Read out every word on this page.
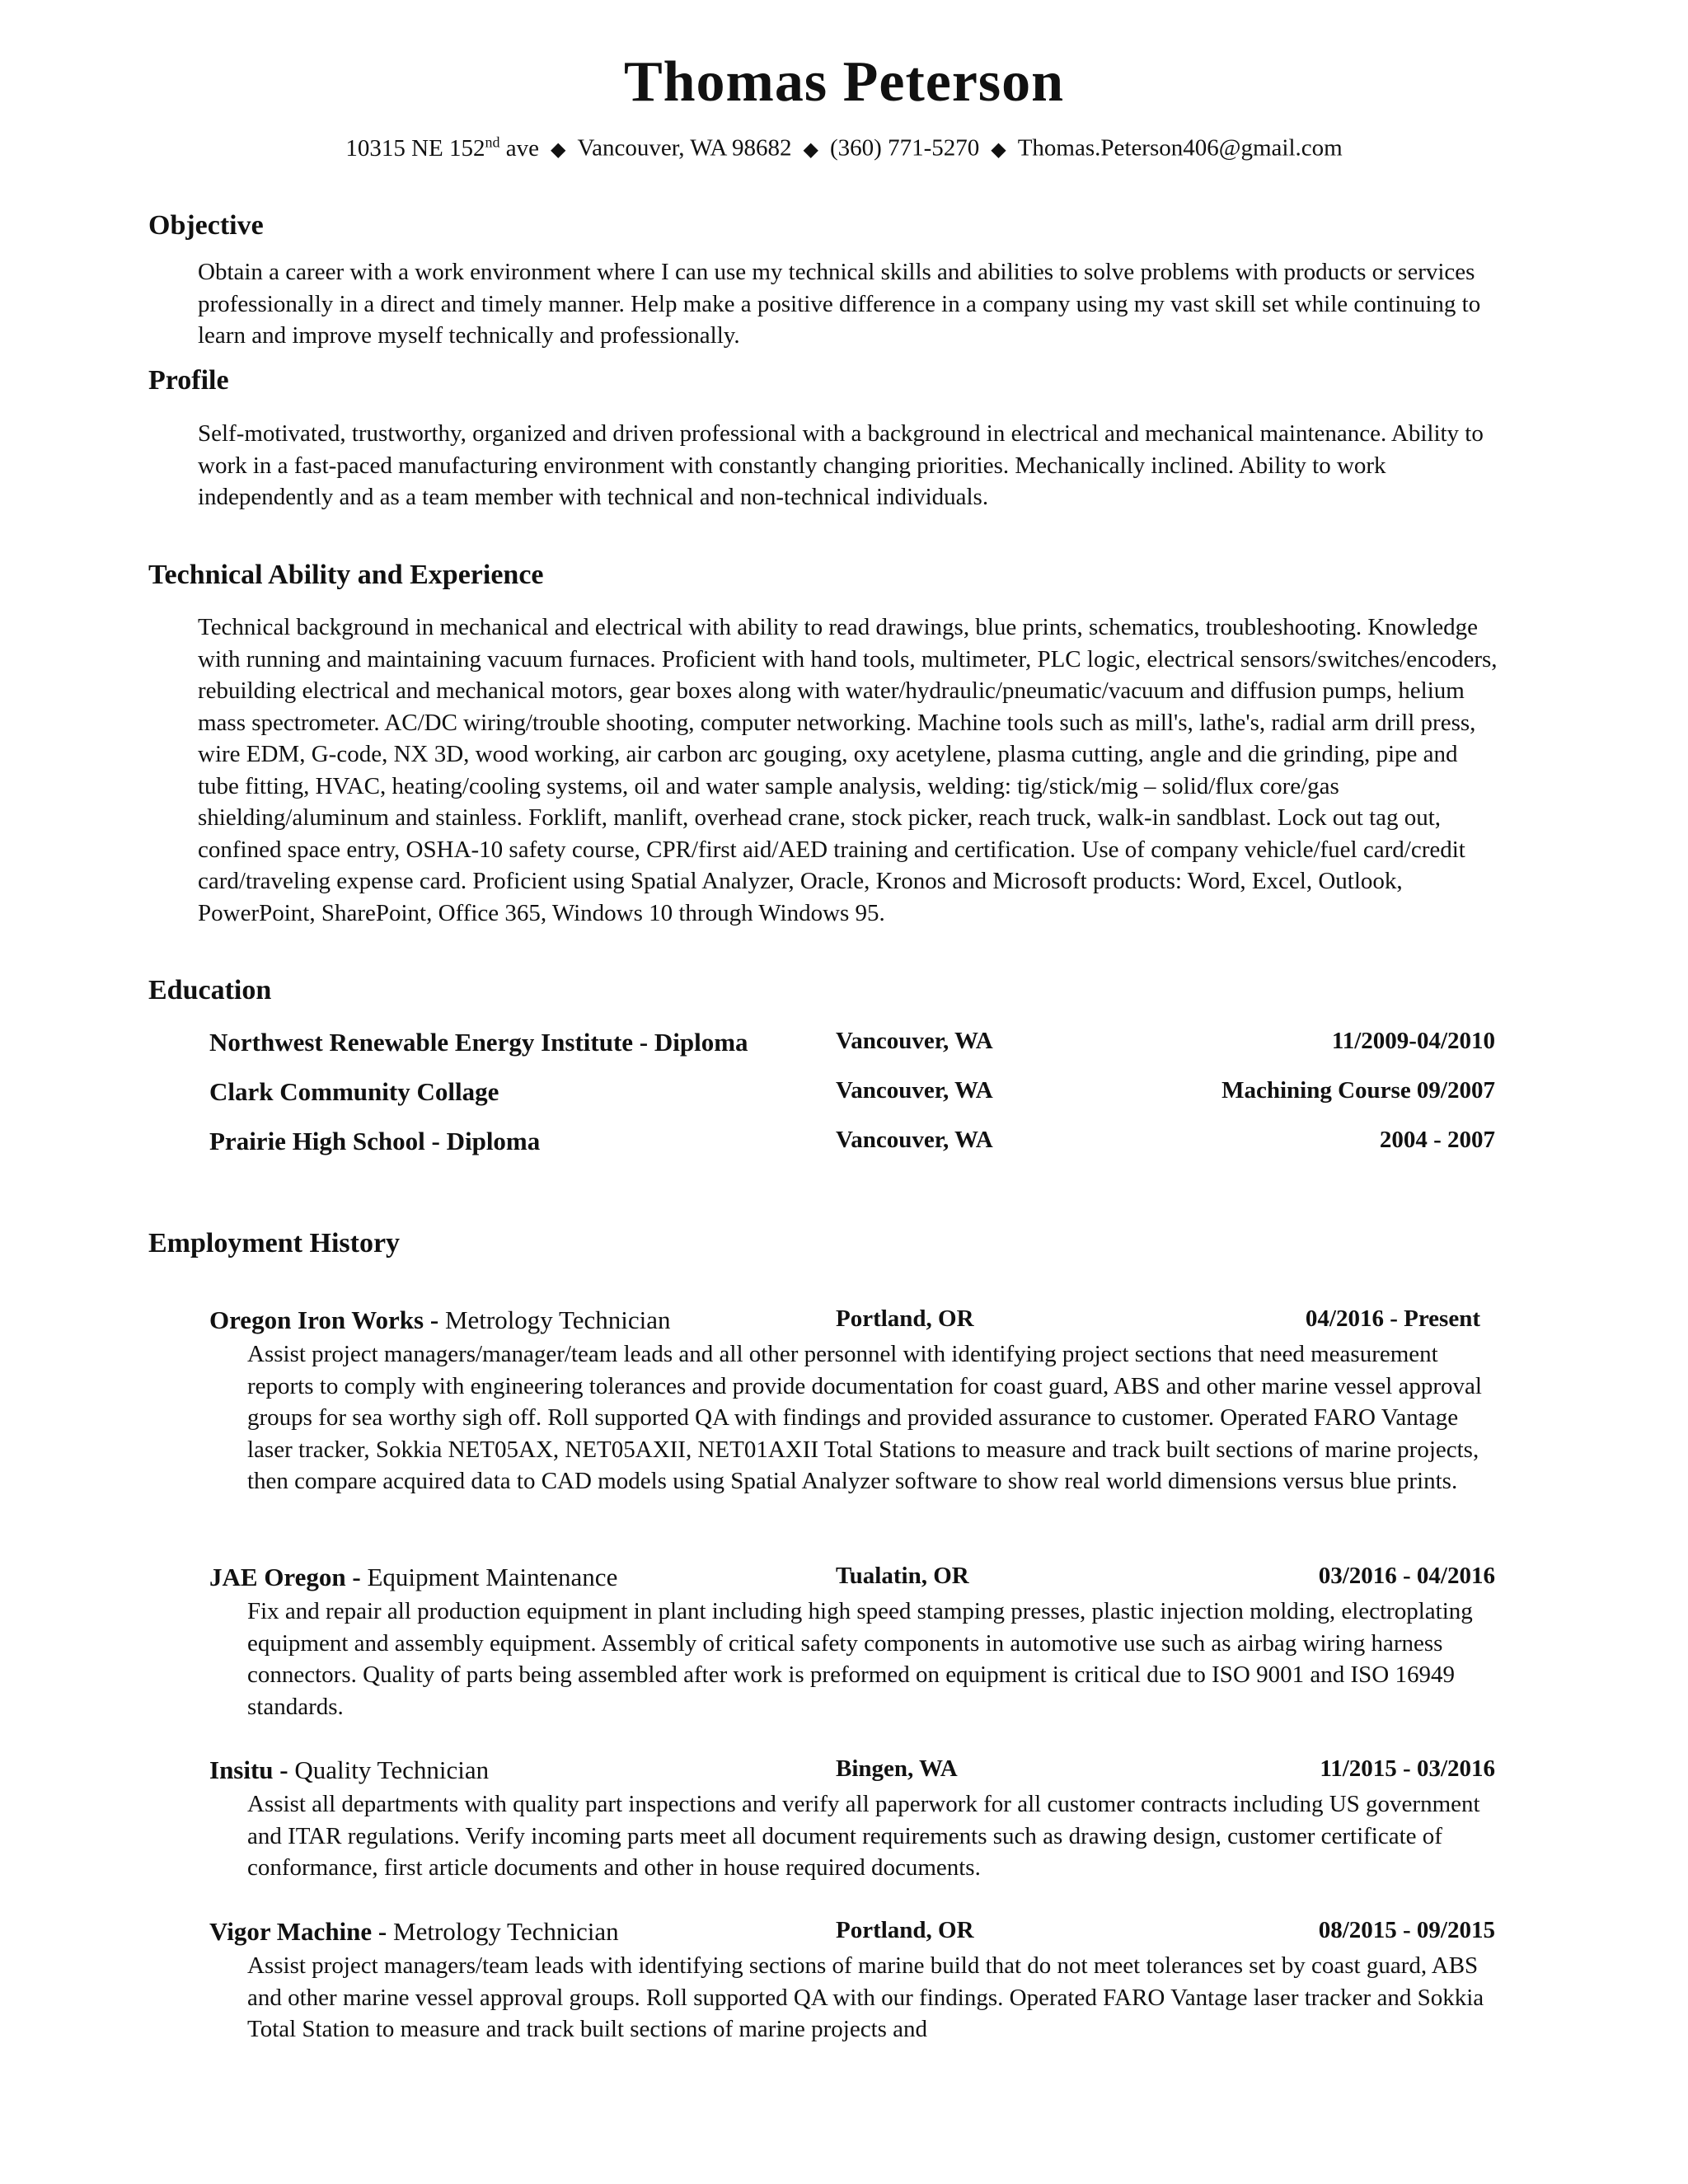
Thomas Peterson
10315 NE 152nd ave ◆ Vancouver, WA 98682 ◆ (360) 771-5270 ◆ Thomas.Peterson406@gmail.com
Objective
Obtain a career with a work environment where I can use my technical skills and abilities to solve problems with products or services professionally in a direct and timely manner. Help make a positive difference in a company using my vast skill set while continuing to learn and improve myself technically and professionally.
Profile
Self-motivated, trustworthy, organized and driven professional with a background in electrical and mechanical maintenance. Ability to work in a fast-paced manufacturing environment with constantly changing priorities. Mechanically inclined. Ability to work independently and as a team member with technical and non-technical individuals.
Technical Ability and Experience
Technical background in mechanical and electrical with ability to read drawings, blue prints, schematics, troubleshooting. Knowledge with running and maintaining vacuum furnaces. Proficient with hand tools, multimeter, PLC logic, electrical sensors/switches/encoders, rebuilding electrical and mechanical motors, gear boxes along with water/hydraulic/pneumatic/vacuum and diffusion pumps, helium mass spectrometer. AC/DC wiring/trouble shooting, computer networking. Machine tools such as mill's, lathe's, radial arm drill press, wire EDM, G-code, NX 3D, wood working, air carbon arc gouging, oxy acetylene, plasma cutting, angle and die grinding, pipe and tube fitting, HVAC, heating/cooling systems, oil and water sample analysis, welding: tig/stick/mig – solid/flux core/gas shielding/aluminum and stainless. Forklift, manlift, overhead crane, stock picker, reach truck, walk-in sandblast. Lock out tag out, confined space entry, OSHA-10 safety course, CPR/first aid/AED training and certification. Use of company vehicle/fuel card/credit card/traveling expense card. Proficient using Spatial Analyzer, Oracle, Kronos and Microsoft products: Word, Excel, Outlook, PowerPoint, SharePoint, Office 365, Windows 10 through Windows 95.
Education
Northwest Renewable Energy Institute - Diploma	Vancouver, WA	11/2009-04/2010
Clark Community Collage	Vancouver, WA	Machining Course 09/2007
Prairie High School - Diploma	Vancouver, WA	2004 - 2007
Employment History
Oregon Iron Works - Metrology Technician	Portland, OR	04/2016 - Present
Assist project managers/manager/team leads and all other personnel with identifying project sections that need measurement reports to comply with engineering tolerances and provide documentation for coast guard, ABS and other marine vessel approval groups for sea worthy sigh off. Roll supported QA with findings and provided assurance to customer. Operated FARO Vantage laser tracker, Sokkia NET05AX, NET05AXII, NET01AXII Total Stations to measure and track built sections of marine projects, then compare acquired data to CAD models using Spatial Analyzer software to show real world dimensions versus blue prints.
JAE Oregon - Equipment Maintenance	Tualatin, OR	03/2016 - 04/2016
Fix and repair all production equipment in plant including high speed stamping presses, plastic injection molding, electroplating equipment and assembly equipment. Assembly of critical safety components in automotive use such as airbag wiring harness connectors. Quality of parts being assembled after work is preformed on equipment is critical due to ISO 9001 and ISO 16949 standards.
Insitu - Quality Technician	Bingen, WA	11/2015 - 03/2016
Assist all departments with quality part inspections and verify all paperwork for all customer contracts including US government and ITAR regulations. Verify incoming parts meet all document requirements such as drawing design, customer certificate of conformance, first article documents and other in house required documents.
Vigor Machine - Metrology Technician	Portland, OR	08/2015 - 09/2015
Assist project managers/team leads with identifying sections of marine build that do not meet tolerances set by coast guard, ABS and other marine vessel approval groups. Roll supported QA with our findings. Operated FARO Vantage laser tracker and Sokkia Total Station to measure and track built sections of marine projects and
